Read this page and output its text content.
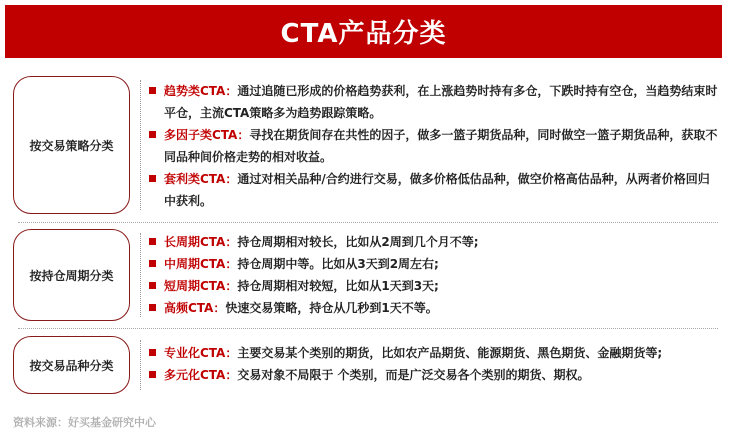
CTA产品分类
按交易策略分类
趋势类CTA：通过追随已形成的价格趋势获利，在上涨趋势时持有多仓，下跌时持有空仓，当趋势结束时平仓，主流CTA策略多为趋势跟踪策略。
多因子类CTA：寻找在期货间存在共性的因子，做多一篮子期货品种，同时做空一篮子期货品种，获取不同品种间价格走势的相对收益。
套利类CTA：通过对相关品种/合约进行交易，做多价格低估品种，做空价格高估品种，从两者价格回归中获利。
按持仓周期分类
长周期CTA：持仓周期相对较长，比如从2周到几个月不等;
中周期CTA：持仓周期中等。比如从3天到2周左右;
短周期CTA：持仓周期相对较短，比如从1天到3天;
高频CTA：快速交易策略，持仓从几秒到1天不等。
按交易品种分类
专业化CTA：主要交易某个类别的期货，比如农产品期货、能源期货、黑色期货、金融期货等;
多元化CTA：交易对象不局限于 个类别，而是广泛交易各个类别的期货、期权。
资料来源：好买基金研究中心
